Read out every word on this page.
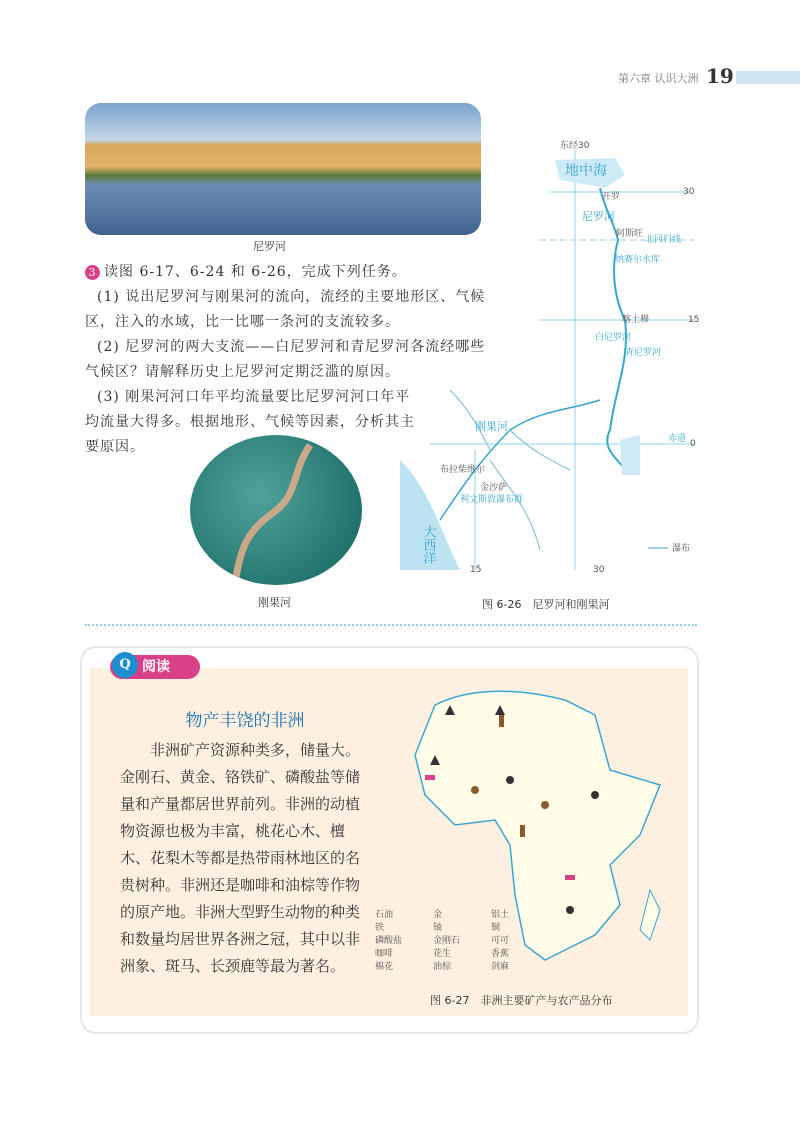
第六章 认识大洲 19
尼罗河

3 读图 6-17、6-24 和 6-26，完成下列任务。

(1) 说出尼罗河与刚果河的流向，流经的主要地形区、气候区，注入的水域，比一比哪一条河的支流较多。

(2) 尼罗河的两大支流——白尼罗河和青尼罗河各流经哪些气候区？请解释历史上尼罗河定期泛滥的原因。

(3) 刚果河河口年平均流量要比尼罗河河口年平均流量大得多。根据地形、气候等因素，分析其主要原因。

刚果河
东经30
30
15
0
15	30
开罗
阿斯旺
喀土穆
布拉柴维尔
金沙萨
北回归线
纳赛尔水库
赤道
利文斯敦瀑布群
白尼罗河
青尼罗河
尼罗河
刚果河
大西洋
地中海
瀑布
图 6-26　尼罗河和刚果河
阅读
Q
物产丰饶的非洲
非洲矿产资源种类多，储量大。金刚石、黄金、铬铁矿、磷酸盐等储量和产量都居世界前列。非洲的动植物资源也极为丰富，桃花心木、檀木、花梨木等都是热带雨林地区的名贵树种。非洲还是咖啡和油棕等作物的原产地。非洲大型野生动物的种类和数量均居世界各洲之冠，其中以非洲象、斑马、长颈鹿等最为著名。
石油
铁
磷酸盐
咖啡
棉花
金
铀
金刚石
花生
油棕
铝土
铜
可可
香蕉
剑麻
图 6-27　非洲主要矿产与农产品分布
